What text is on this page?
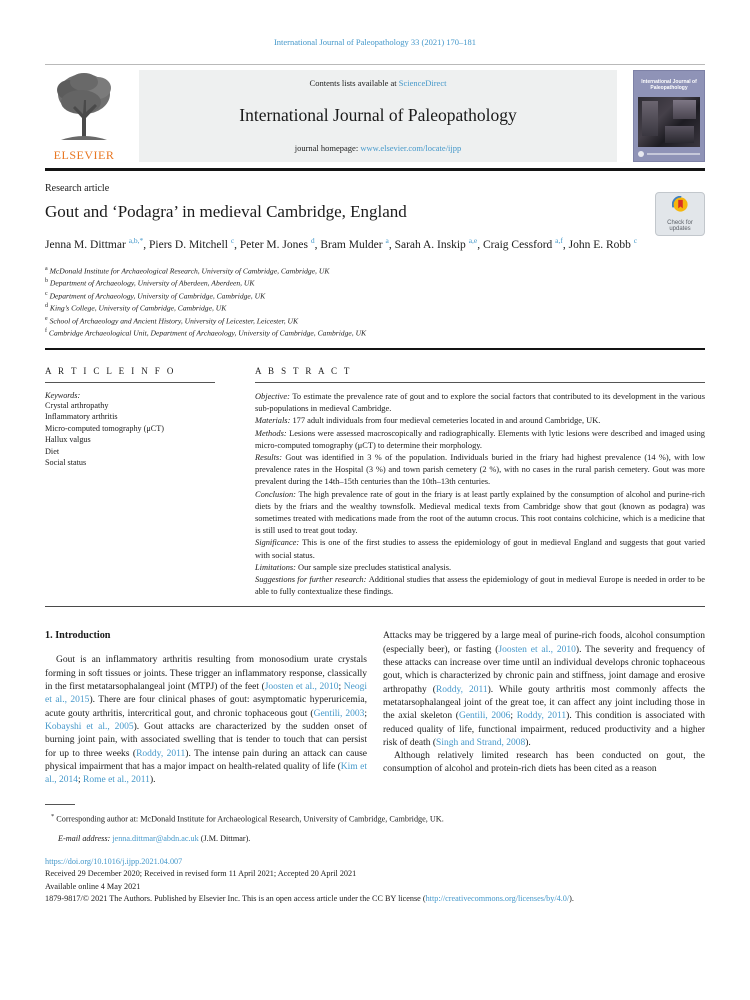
International Journal of Paleopathology 33 (2021) 170–181
ELSEVIER
Contents lists available at ScienceDirect
International Journal of Paleopathology
journal homepage: www.elsevier.com/locate/ijpp
International Journal of
Paleopathology
Research article
Gout and ‘Podagra’ in medieval Cambridge, England
Jenna M. Dittmar $^{a,b,*}$, Piers D. Mitchell $^c$, Peter M. Jones $^d$, Bram Mulder $^a$, Sarah A. Inskip $^{a,e}$, Craig Cessford $^{a,f}$, John E. Robb $^c$
$^a$ McDonald Institute for Archaeological Research, University of Cambridge, Cambridge, UK
$^b$ Department of Archaeology, University of Aberdeen, Aberdeen, UK
$^c$ Department of Archaeology, University of Cambridge, Cambridge, UK
$^d$ King’s College, University of Cambridge, Cambridge, UK
$^e$ School of Archaeology and Ancient History, University of Leicester, Leicester, UK
$^f$ Cambridge Archaeological Unit, Department of Archaeology, University of Cambridge, Cambridge, UK
A R T I C L E I N F O
Keywords:
Crystal arthropathy
Inflammatory arthritis
Micro-computed tomography (μCT)
Hallux valgus
Diet
Social status
A B S T R A C T
Objective: To estimate the prevalence rate of gout and to explore the social factors that contributed to its development in the various sub-populations in medieval Cambridge.
Materials: 177 adult individuals from four medieval cemeteries located in and around Cambridge, UK.
Methods: Lesions were assessed macroscopically and radiographically. Elements with lytic lesions were described and imaged using micro-computed tomography (μCT) to determine their morphology.
Results: Gout was identified in 3 % of the population. Individuals buried in the friary had highest prevalence (14 %), with low prevalence rates in the Hospital (3 %) and town parish cemetery (2 %), with no cases in the rural parish cemetery. Gout was more prevalent during the 14th–15th centuries than the 10th–13th centuries.
Conclusion: The high prevalence rate of gout in the friary is at least partly explained by the consumption of alcohol and purine-rich diets by the friars and the wealthy townsfolk. Medieval medical texts from Cambridge show that gout (known as podagra) was sometimes treated with medications made from the root of the autumn crocus. This root contains colchicine, which is a medicine that is still used to treat gout today.
Significance: This is one of the first studies to assess the epidemiology of gout in medieval England and suggests that gout varied with social status.
Limitations: Our sample size precludes statistical analysis.
Suggestions for further research: Additional studies that assess the epidemiology of gout in medieval Europe is needed in order to be able to fully contextualize these findings.
1. Introduction

Gout is an inflammatory arthritis resulting from monosodium urate crystals forming in soft tissues or joints. These trigger an inflammatory response, classically in the first metatarsophalangeal joint (MTPJ) of the feet (Joosten et al., 2010; Neogi et al., 2015). There are four clinical phases of gout: asymptomatic hyperuricemia, acute gouty arthritis, intercritical gout, and chronic tophaceous gout (Gentili, 2003; Kobayshi et al., 2005). Gout attacks are characterized by the sudden onset of burning joint pain, with associated swelling that is tender to touch that can persist for up to three weeks (Roddy, 2011). The intense pain during an attack can cause physical impairment that has a major impact on health-related quality of life (Kim et al., 2014; Rome et al., 2011).

Attacks may be triggered by a large meal of purine-rich foods, alcohol consumption (especially beer), or fasting (Joosten et al., 2010). The severity and frequency of these attacks can increase over time until an individual develops chronic tophaceous gout, which is characterized by chronic pain and stiffness, joint damage and erosive arthropathy (Roddy, 2011). While gouty arthritis most commonly affects the metatarsophalangeal joint of the great toe, it can affect any joint including those in the axial skeleton (Gentili, 2006; Roddy, 2011). This condition is associated with reduced quality of life, functional impairment, reduced productivity and a higher risk of death (Singh and Strand, 2008).

Although relatively limited research has been conducted on gout, the consumption of alcohol and protein-rich diets has been cited as a reason

* Corresponding author at: McDonald Institute for Archaeological Research, University of Cambridge, Cambridge, UK.
E-mail address: jenna.dittmar@abdn.ac.uk (J.M. Dittmar).
https://doi.org/10.1016/j.ijpp.2021.04.007
Received 29 December 2020; Received in revised form 11 April 2021; Accepted 20 April 2021
Available online 4 May 2021
1879-9817/© 2021 The Authors. Published by Elsevier Inc. This is an open access article under the CC BY license (http://creativecommons.org/licenses/by/4.0/).
Check for
updates
